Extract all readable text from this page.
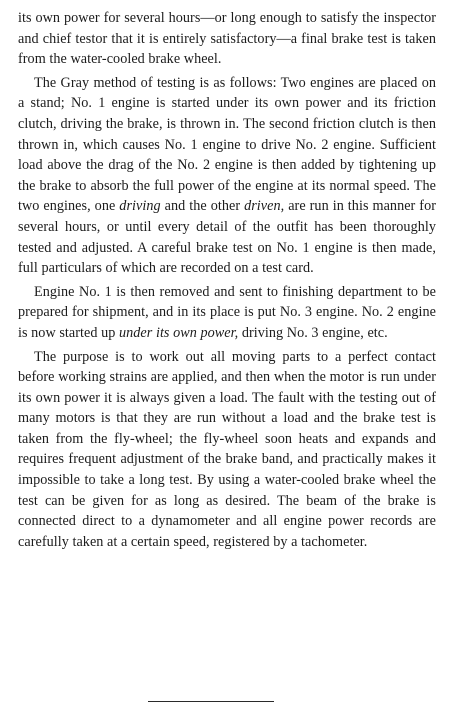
its own power for several hours—or long enough to satisfy the inspector and chief testor that it is entirely satisfactory—a final brake test is taken from the water-cooled brake wheel.

The Gray method of testing is as follows: Two engines are placed on a stand; No. 1 engine is started under its own power and its friction clutch, driving the brake, is thrown in. The second friction clutch is then thrown in, which causes No. 1 engine to drive No. 2 engine. Sufficient load above the drag of the No. 2 engine is then added by tightening up the brake to absorb the full power of the engine at its normal speed. The two engines, one driving and the other driven, are run in this manner for several hours, or until every detail of the outfit has been thoroughly tested and adjusted. A careful brake test on No. 1 engine is then made, full particulars of which are recorded on a test card.

Engine No. 1 is then removed and sent to finishing department to be prepared for shipment, and in its place is put No. 3 engine. No. 2 engine is now started up under its own power, driving No. 3 engine, etc.

The purpose is to work out all moving parts to a perfect contact before working strains are applied, and then when the motor is run under its own power it is always given a load. The fault with the testing out of many motors is that they are run without a load and the brake test is taken from the fly-wheel; the fly-wheel soon heats and expands and requires frequent adjustment of the brake band, and practically makes it impossible to take a long test. By using a water-cooled brake wheel the test can be given for as long as desired. The beam of the brake is connected direct to a dynamometer and all engine power records are carefully taken at a certain speed, registered by a tachometer.
